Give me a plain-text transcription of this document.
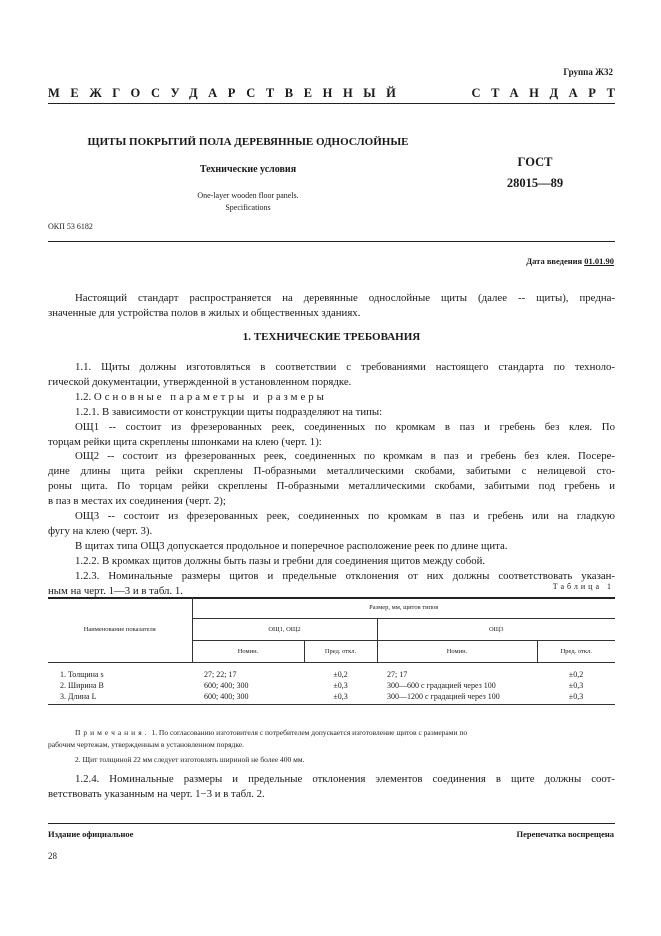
Группа Ж32
МЕЖГОСУДАРСТВЕННЫЙ	СТАНДАРТ
ЩИТЫ ПОКРЫТИЙ ПОЛА ДЕРЕВЯННЫЕ ОДНОСЛОЙНЫЕ
Технические условия
One-layer wooden floor panels.
Specifications
ГОСТ
28015—89
ОКП 53 6182
Дата введения 01.01.90
Настоящий стандарт распространяется на деревянные однослойные щиты (далее -- щиты), предна-
значенные для устройства полов в жилых и общественных зданиях.
1. ТЕХНИЧЕСКИЕ ТРЕБОВАНИЯ
1.1. Щиты должны изготовляться в соответствии с требованиями настоящего стандарта по техноло-
гической документации, утвержденной в установленном порядке.
1.2. Основные параметры и размеры
1.2.1. В зависимости от конструкции щиты подразделяют на типы:
ОЩ1 -- состоит из фрезерованных реек, соединенных по кромкам в паз и гребень без клея. По
торцам рейки щита скреплены шпонками на клею (черт. 1):
ОЩ2 -- состоит из фрезерованных реек, соединенных по кромкам в паз и гребень без клея. Посере-
дине длины щита рейки скреплены П-образными металлическими скобами, забитыми с нелицевой сто-
роны щита. По торцам рейки скреплены П-образными металлическими скобами, забитыми под гребень и
в паз в местах их соединения (черт. 2);
ОЩ3 -- состоит из фрезерованных реек, соединенных по кромкам в паз и гребень или на гладкую
фугу на клею (черт. 3).
В щитах типа ОЩ3 допускается продольное и поперечное расположение реек по длине щита.
1.2.2. В кромках щитов должны быть пазы и гребни для соединения щитов между собой.
1.2.3. Номинальные размеры щитов и предельные отклонения от них должны соответствовать указан-
ным на черт. 1—3 и в табл. 1.	Таблица 1
Наименование показателя	Размер, мм, щитов типов			
	ОЩ1, ОЩ2		ОЩ3	
	Номин.	Пред. откл.	Номин.	Пред. откл.
1. Толщина s	27; 22; 17	±0,2	27; 17	±0,2
2. Ширина B	600; 400; 300	±0,3	300—600 с градацией через 100	±0,3
3. Длина L	600; 400; 300	±0,3	300—1200 с градацией через 100	±0,3
Примечания. 1. По согласованию изготовителя с потребителем допускается изготовление щитов с размерами по
рабочим чертежам, утвержденным в установленном порядке.
2. Щит толщиной 22 мм следует изготовлять шириной не более 400 мм.
1.2.4. Номинальные размеры и предельные отклонения элементов соединения в щите должны соот-
ветствовать указанным на черт. 1−3 и в табл. 2.
Издание официальное	Перепечатка воспрещена
28
